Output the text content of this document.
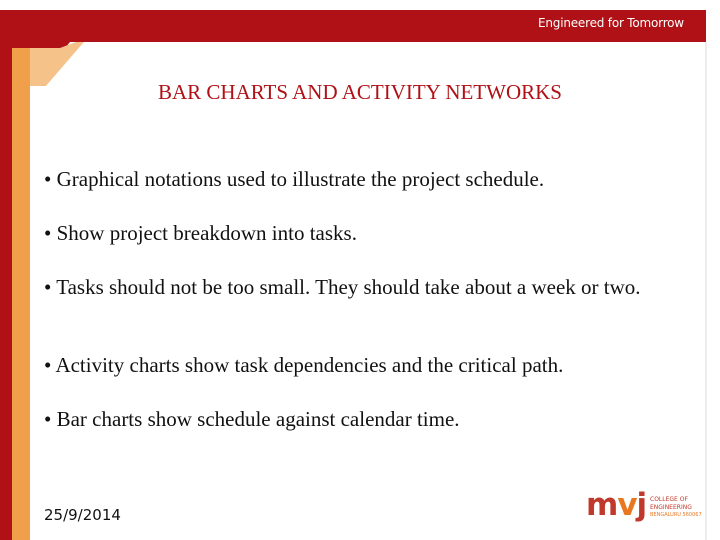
Engineered for Tomorrow
BAR CHARTS AND ACTIVITY NETWORKS

• Graphical notations used to illustrate the project schedule.

• Show project breakdown into tasks.

• Tasks should not be too small. They should take about a week or two.

• Activity charts show task dependencies and the critical path.

• Bar charts show schedule against calendar time.

25/9/2014	mvj COLLEGE OF
ENGINEERING
BENGALURU 560067
